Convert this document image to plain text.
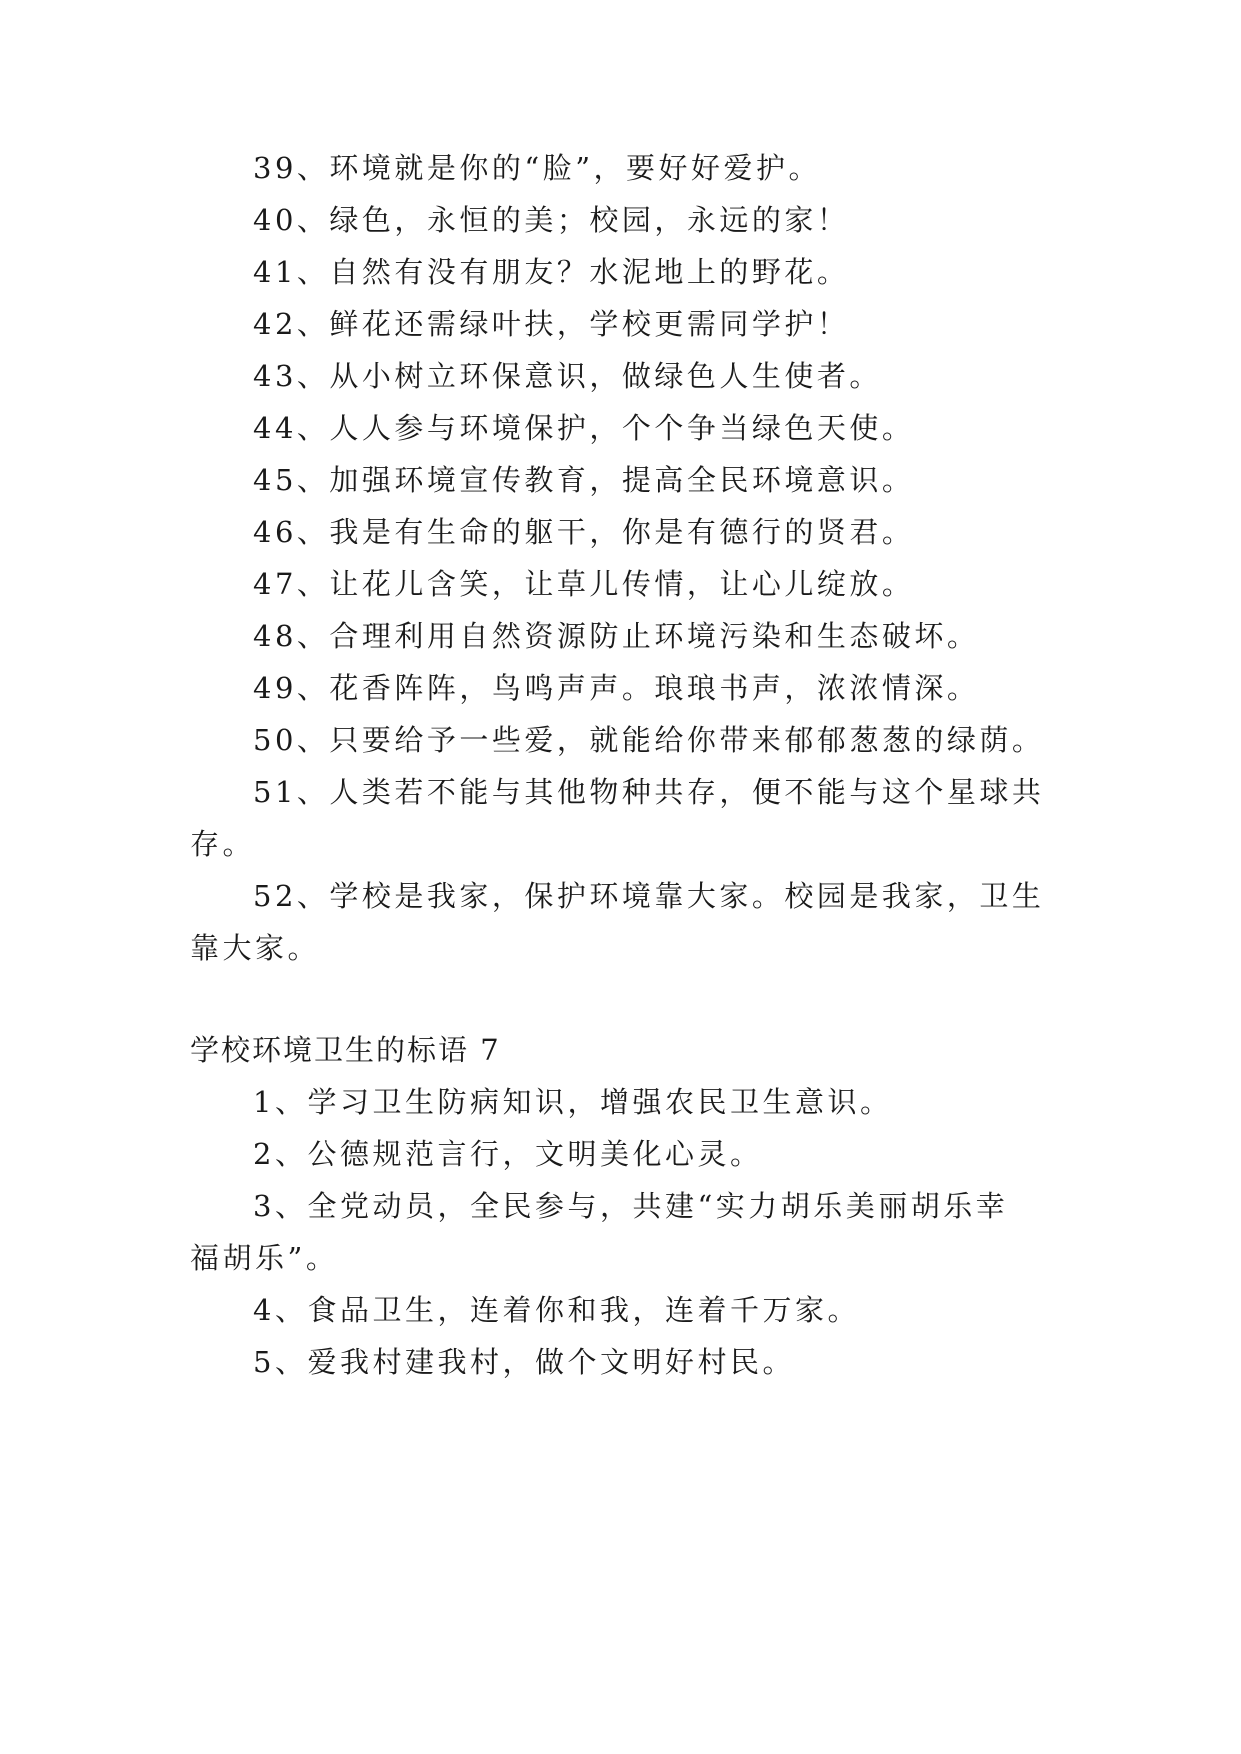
39、环境就是你的“脸”，要好好爱护。
40、绿色，永恒的美；校园，永远的家！
41、自然有没有朋友？水泥地上的野花。
42、鲜花还需绿叶扶，学校更需同学护！
43、从小树立环保意识，做绿色人生使者。
44、人人参与环境保护，个个争当绿色天使。
45、加强环境宣传教育，提高全民环境意识。
46、我是有生命的躯干，你是有德行的贤君。
47、让花儿含笑，让草儿传情，让心儿绽放。
48、合理利用自然资源防止环境污染和生态破坏。
49、花香阵阵，鸟鸣声声。琅琅书声，浓浓情深。
50、只要给予一些爱，就能给你带来郁郁葱葱的绿荫。
51、人类若不能与其他物种共存，便不能与这个星球共
存。
52、学校是我家，保护环境靠大家。校园是我家，卫生
靠大家。
学校环境卫生的标语 7
1、学习卫生防病知识，增强农民卫生意识。
2、公德规范言行，文明美化心灵。
3、全党动员，全民参与，共建“实力胡乐美丽胡乐幸
福胡乐”。
4、食品卫生，连着你和我，连着千万家。
5、爱我村建我村，做个文明好村民。
